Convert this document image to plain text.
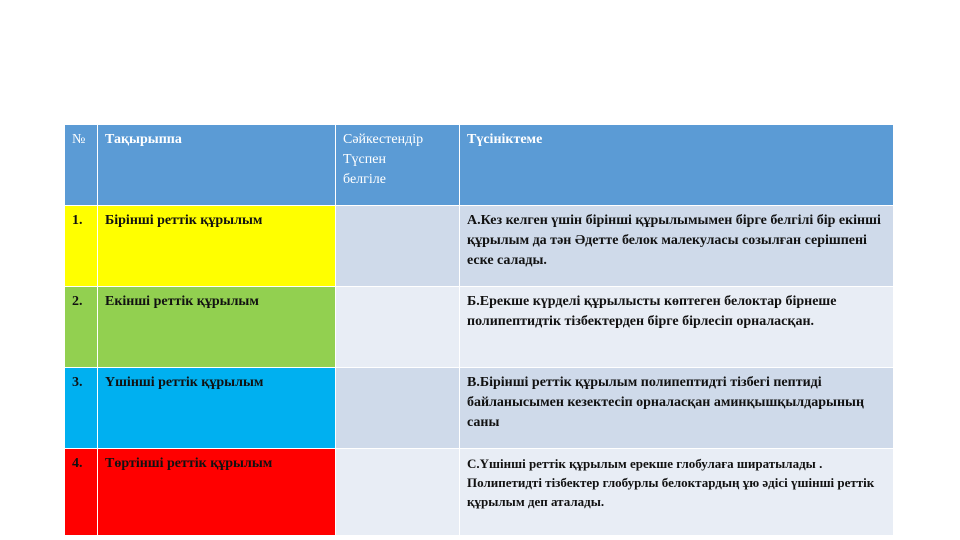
№	Тақырыппа	Сәйкестендір
Түспен
белгіле	Түсініктеме
1.	Бірінші реттік құрылым		А.Кез келген үшін бірінші құрылымымен бірге белгілі бір екінші құрылым да тән Әдетте белок малекуласы созылған серішпені еске салады.
2.	Екінші реттік құрылым		Б.Ерекше күрделі құрылысты көптеген белоктар бірнеше полипептидтік тізбектерден бірге бірлесіп орналасқан.
3.	Үшінші реттік құрылым		В.Бірінші реттік құрылым полипептидті тізбегі пептиді байланысымен кезектесіп орналасқан аминқышқылдарының саны
4.	Төртінші реттік құрылым		С.Үшінші реттік құрылым ерекше глобулаға ширатылады . Полипетидті тізбектер глобурлы белоктардың ұю әдісі үшінші реттік құрылым деп аталады.
